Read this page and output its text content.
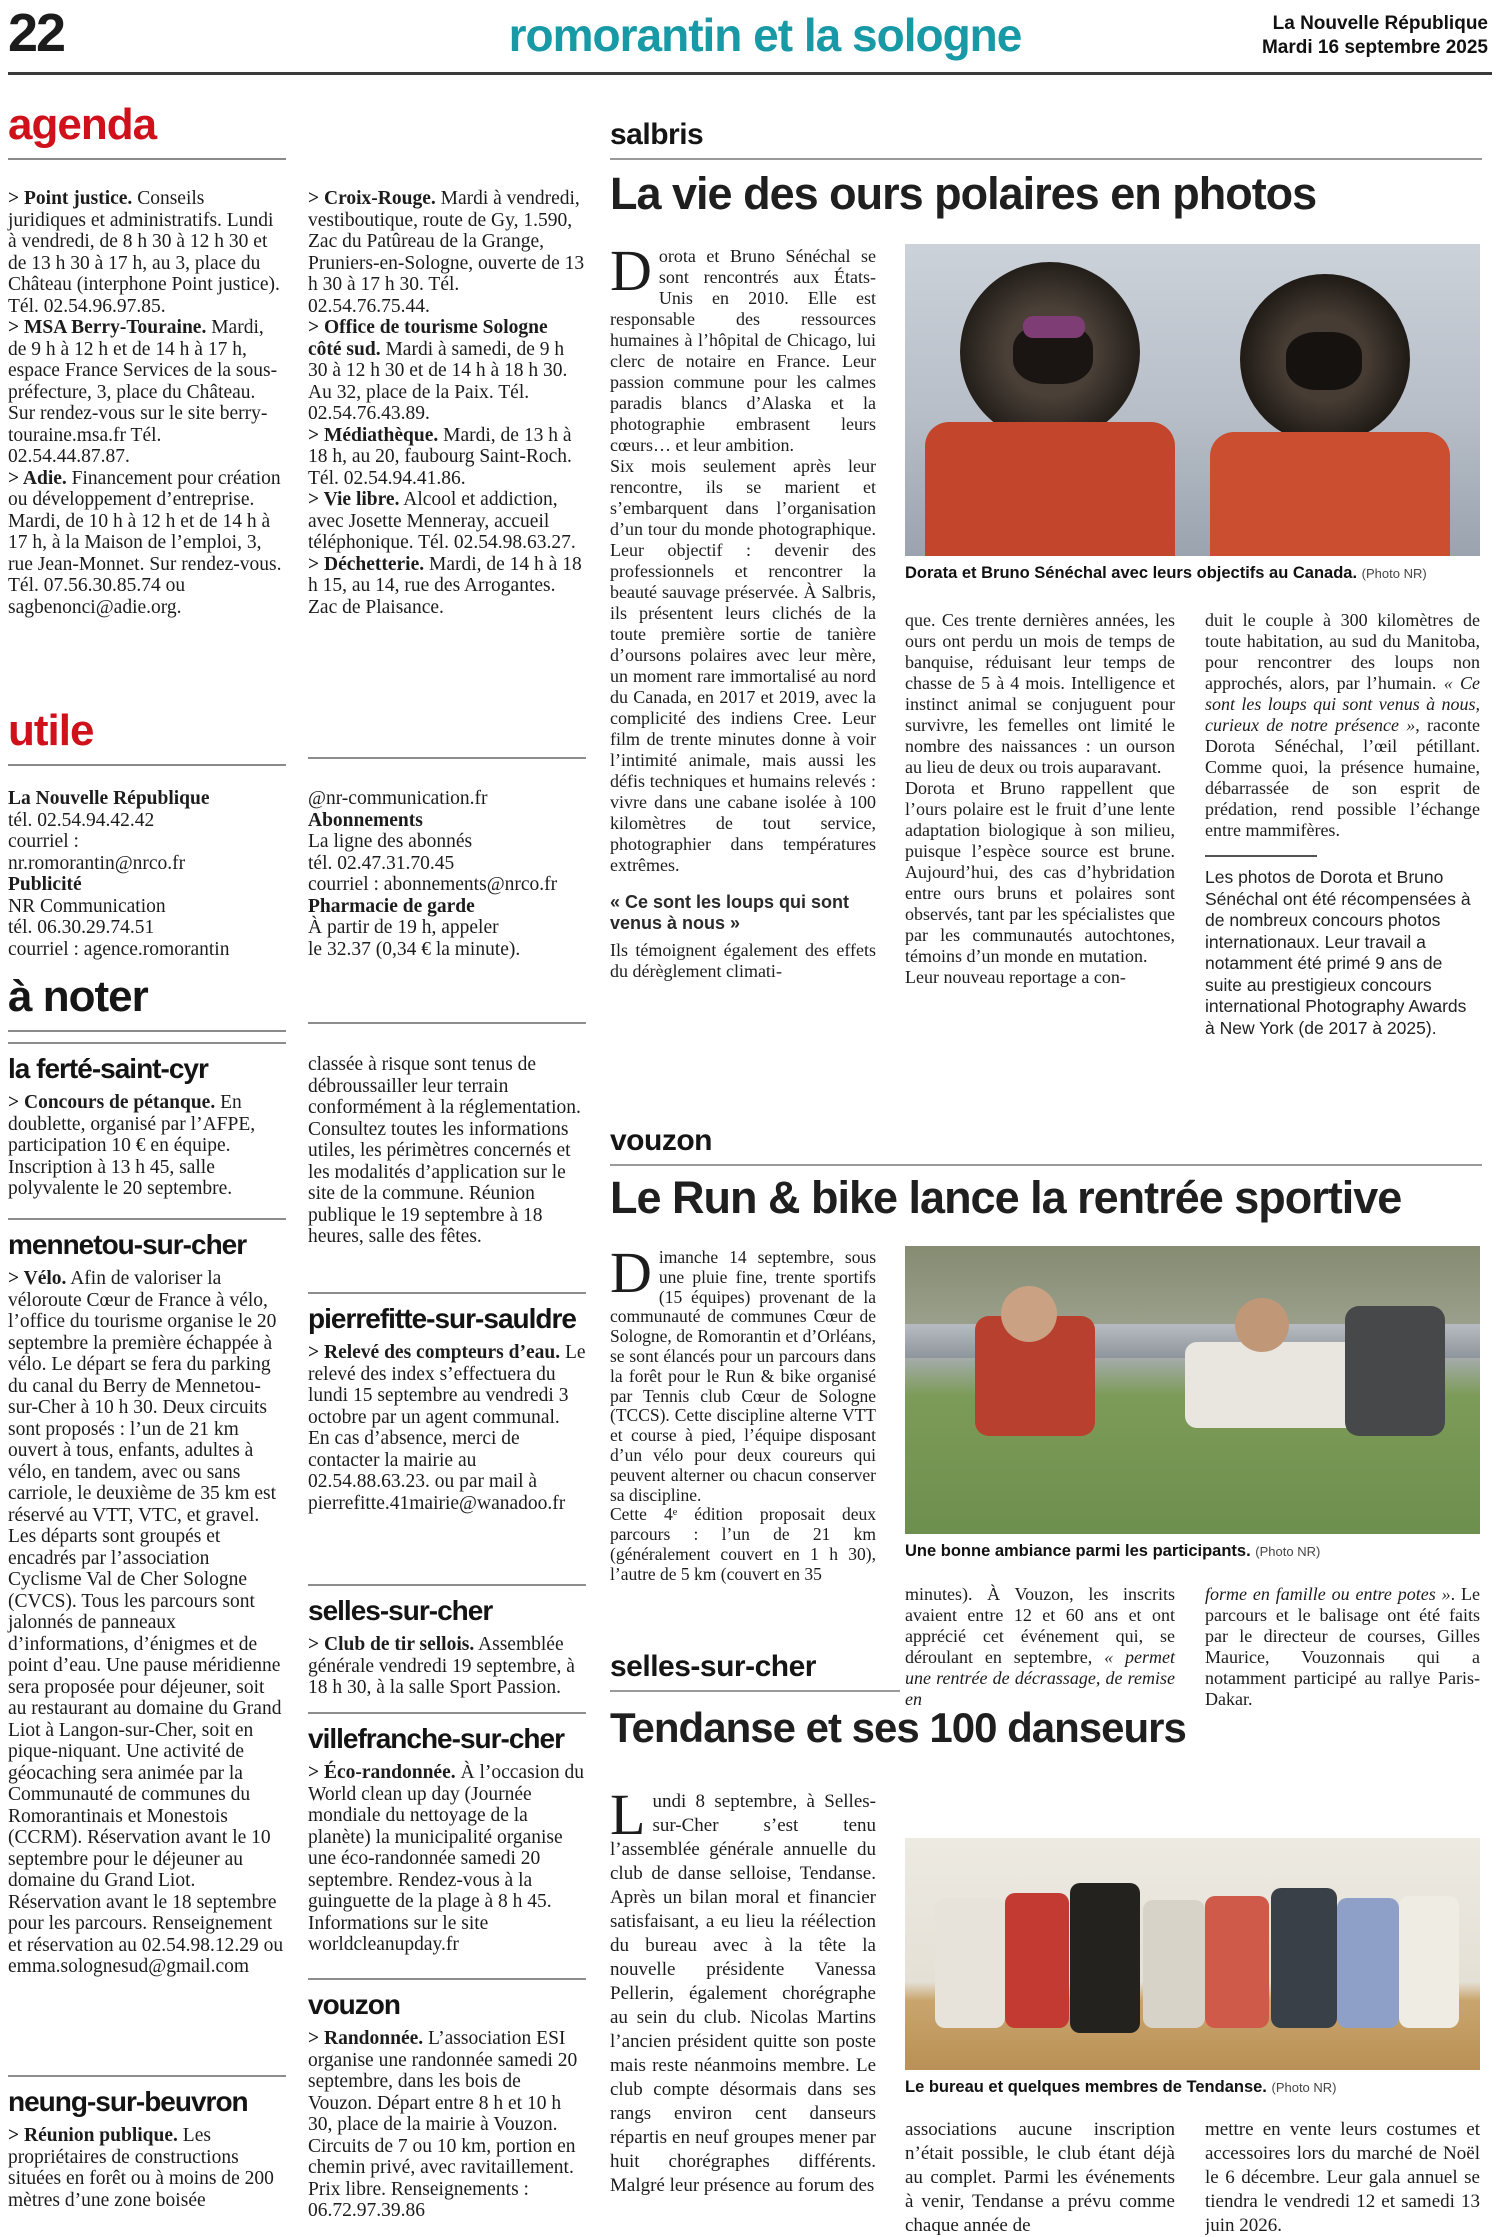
22	romorantin et la sologne	La Nouvelle République
Mardi 16 septembre 2025
agenda
> Point justice. Conseils juridiques et administratifs. Lundi à vendredi, de 8 h 30 à 12 h 30 et de 13 h 30 à 17 h, au 3, place du Château (interphone Point justice). Tél. 02.54.96.97.85.
> MSA Berry-Touraine. Mardi, de 9 h à 12 h et de 14 h à 17 h, espace France Services de la sous-préfecture, 3, place du Château. Sur rendez-vous sur le site berry-touraine.msa.fr Tél. 02.54.44.87.87.
> Adie. Financement pour création ou développement d’entreprise. Mardi, de 10 h à 12 h et de 14 h à 17 h, à la Maison de l’emploi, 3, rue Jean-Monnet. Sur rendez-vous. Tél. 07.56.30.85.74 ou sagbenonci@adie.org.
utile
La Nouvelle République
tél. 02.54.94.42.42
courriel :
nr.romorantin@nrco.fr
Publicité
NR Communication
tél. 06.30.29.74.51
courriel : agence.romorantin
à noter
la ferté-saint-cyr
> Concours de pétanque. En doublette, organisé par l’AFPE, participation 10 € en équipe. Inscription à 13 h 45, salle polyvalente le 20 septembre.
mennetou-sur-cher
> Vélo. Afin de valoriser la véloroute Cœur de France à vélo, l’office du tourisme organise le 20 septembre la première échappée à vélo. Le départ se fera du parking du canal du Berry de Mennetou-sur-Cher à 10 h 30. Deux circuits sont proposés : l’un de 21 km ouvert à tous, enfants, adultes à vélo, en tandem, avec ou sans carriole, le deuxième de 35 km est réservé au VTT, VTC, et gravel. Les départs sont groupés et encadrés par l’association Cyclisme Val de Cher Sologne (CVCS). Tous les parcours sont jalonnés de panneaux d’informations, d’énigmes et de point d’eau. Une pause méridienne sera proposée pour déjeuner, soit au restaurant au domaine du Grand Liot à Langon-sur-Cher, soit en pique-niquant. Une activité de géocaching sera animée par la Communauté de communes du Romorantinais et Monestois (CCRM). Réservation avant le 10 septembre pour le déjeuner au domaine du Grand Liot. Réservation avant le 18 septembre pour les parcours. Renseignement et réservation au 02.54.98.12.29 ou emma.solognesud@gmail.com
neung-sur-beuvron
> Réunion publique. Les propriétaires de constructions situées en forêt ou à moins de 200 mètres d’une zone boisée
> Croix-Rouge. Mardi à vendredi, vestiboutique, route de Gy, 1.590, Zac du Patûreau de la Grange, Pruniers-en-Sologne, ouverte de 13 h 30 à 17 h 30. Tél. 02.54.76.75.44.
> Office de tourisme Sologne côté sud. Mardi à samedi, de 9 h 30 à 12 h 30 et de 14 h à 18 h 30. Au 32, place de la Paix. Tél. 02.54.76.43.89.
> Médiathèque. Mardi, de 13 h à 18 h, au 20, faubourg Saint-Roch. Tél. 02.54.94.41.86.
> Vie libre. Alcool et addiction, avec Josette Menneray, accueil téléphonique. Tél. 02.54.98.63.27.
> Déchetterie. Mardi, de 14 h à 18 h 15, au 14, rue des Arrogantes. Zac de Plaisance.
@nr-communication.fr
Abonnements
La ligne des abonnés
tél. 02.47.31.70.45
courriel : abonnements@nrco.fr
Pharmacie de garde
À partir de 19 h, appeler
le 32.37 (0,34 € la minute).
classée à risque sont tenus de débroussailler leur terrain conformément à la réglementation. Consultez toutes les informations utiles, les périmètres concernés et les modalités d’application sur le site de la commune. Réunion publique le 19 septembre à 18 heures, salle des fêtes.
pierrefitte-sur-sauldre
> Relevé des compteurs d’eau. Le relevé des index s’effectuera du lundi 15 septembre au vendredi 3 octobre par un agent communal. En cas d’absence, merci de contacter la mairie au 02.54.88.63.23. ou par mail à pierrefitte.41mairie@wanadoo.fr
selles-sur-cher
> Club de tir sellois. Assemblée générale vendredi 19 septembre, à 18 h 30, à la salle Sport Passion.
villefranche-sur-cher
> Éco-randonnée. À l’occasion du World clean up day (Journée mondiale du nettoyage de la planète) la municipalité organise une éco-randonnée samedi 20 septembre. Rendez-vous à la guinguette de la plage à 8 h 45. Informations sur le site worldcleanupday.fr
vouzon
> Randonnée. L’association ESI organise une randonnée samedi 20 septembre, dans les bois de Vouzon. Départ entre 8 h et 10 h 30, place de la mairie à Vouzon. Circuits de 7 ou 10 km, portion en chemin privé, avec ravitaillement. Prix libre. Renseignements : 06.72.97.39.86
salbris
La vie des ours polaires en photos

Dorota et Bruno Sénéchal se sont rencontrés aux États-Unis en 2010. Elle est responsable des ressources humaines à l’hôpital de Chicago, lui clerc de notaire en France. Leur passion commune pour les calmes paradis blancs d’Alaska et la photographie embrasent leurs cœurs… et leur ambition.

Six mois seulement après leur rencontre, ils se marient et s’embarquent dans l’organisation d’un tour du monde photographique. Leur objectif : devenir des professionnels et rencontrer la beauté sauvage préservée. À Salbris, ils présentent leurs clichés de la toute première sortie de tanière d’oursons polaires avec leur mère, un moment rare immortalisé au nord du Canada, en 2017 et 2019, avec la complicité des indiens Cree. Leur film de trente minutes donne à voir l’intimité animale, mais aussi les défis techniques et humains relevés : vivre dans une cabane isolée à 100 kilomètres de tout service, photographier dans températures extrêmes.

« Ce sont les loups qui sont venus à nous »

Ils témoignent également des effets du dérèglement climati-

Dorata et Bruno Sénéchal avec leurs objectifs au Canada. (Photo NR)

que. Ces trente dernières années, les ours ont perdu un mois de temps de banquise, réduisant leur temps de chasse de 5 à 4 mois. Intelligence et instinct animal se conjuguent pour survivre, les femelles ont limité le nombre des naissances : un ourson au lieu de deux ou trois auparavant.

Dorota et Bruno rappellent que l’ours polaire est le fruit d’une lente adaptation biologique à son milieu, puisque l’espèce source est brune. Aujourd’hui, des cas d’hybridation entre ours bruns et polaires sont observés, tant par les spécialistes que par les communautés autochtones, témoins d’un monde en mutation.

Leur nouveau reportage a con-

duit le couple à 300 kilomètres de toute habitation, au sud du Manitoba, pour rencontrer des loups non approchés, alors, par l’humain. « Ce sont les loups qui sont venus à nous, curieux de notre présence », raconte Dorota Sénéchal, l’œil pétillant. Comme quoi, la présence humaine, débarrassée de son esprit de prédation, rend possible l’échange entre mammifères.

Les photos de Dorota et Bruno Sénéchal ont été récompensées à de nombreux concours photos internationaux. Leur travail a notamment été primé 9 ans de suite au prestigieux concours international Photography Awards à New York (de 2017 à 2025).
vouzon
Le Run & bike lance la rentrée sportive

Dimanche 14 septembre, sous une pluie fine, trente sportifs (15 équipes) provenant de la communauté de communes Cœur de Sologne, de Romorantin et d’Orléans, se sont élancés pour un parcours dans la forêt pour le Run & bike organisé par Tennis club Cœur de Sologne (TCCS). Cette discipline alterne VTT et course à pied, l’équipe disposant d’un vélo pour deux coureurs qui peuvent alterner ou chacun conserver sa discipline.

Cette 4ᵉ édition proposait deux parcours : l’un de 21 km (généralement couvert en 1 h 30), l’autre de 5 km (couvert en 35

Une bonne ambiance parmi les participants. (Photo NR)

minutes). À Vouzon, les inscrits avaient entre 12 et 60 ans et ont apprécié cet événement qui, se déroulant en septembre, « permet une rentrée de décrassage, de remise en

forme en famille ou entre potes ». Le parcours et le balisage ont été faits par le directeur de courses, Gilles Maurice, Vouzonnais qui a notamment participé au rallye Paris-Dakar.

selles-sur-cher
Tendanse et ses 100 danseurs

Lundi 8 septembre, à Selles-sur-Cher s’est tenu l’assemblée générale annuelle du club de danse selloise, Tendanse. Après un bilan moral et financier satisfaisant, a eu lieu la réélection du bureau avec à la tête la nouvelle présidente Vanessa Pellerin, également chorégraphe au sein du club. Nicolas Martins l’ancien président quitte son poste mais reste néanmoins membre. Le club compte désormais dans ses rangs environ cent danseurs répartis en neuf groupes mener par huit chorégraphes différents. Malgré leur présence au forum des

Le bureau et quelques membres de Tendanse. (Photo NR)

associations aucune inscription n’était possible, le club étant déjà au complet. Parmi les événements à venir, Tendanse a prévu comme chaque année de

mettre en vente leurs costumes et accessoires lors du marché de Noël le 6 décembre. Leur gala annuel se tiendra le vendredi 12 et samedi 13 juin 2026.
